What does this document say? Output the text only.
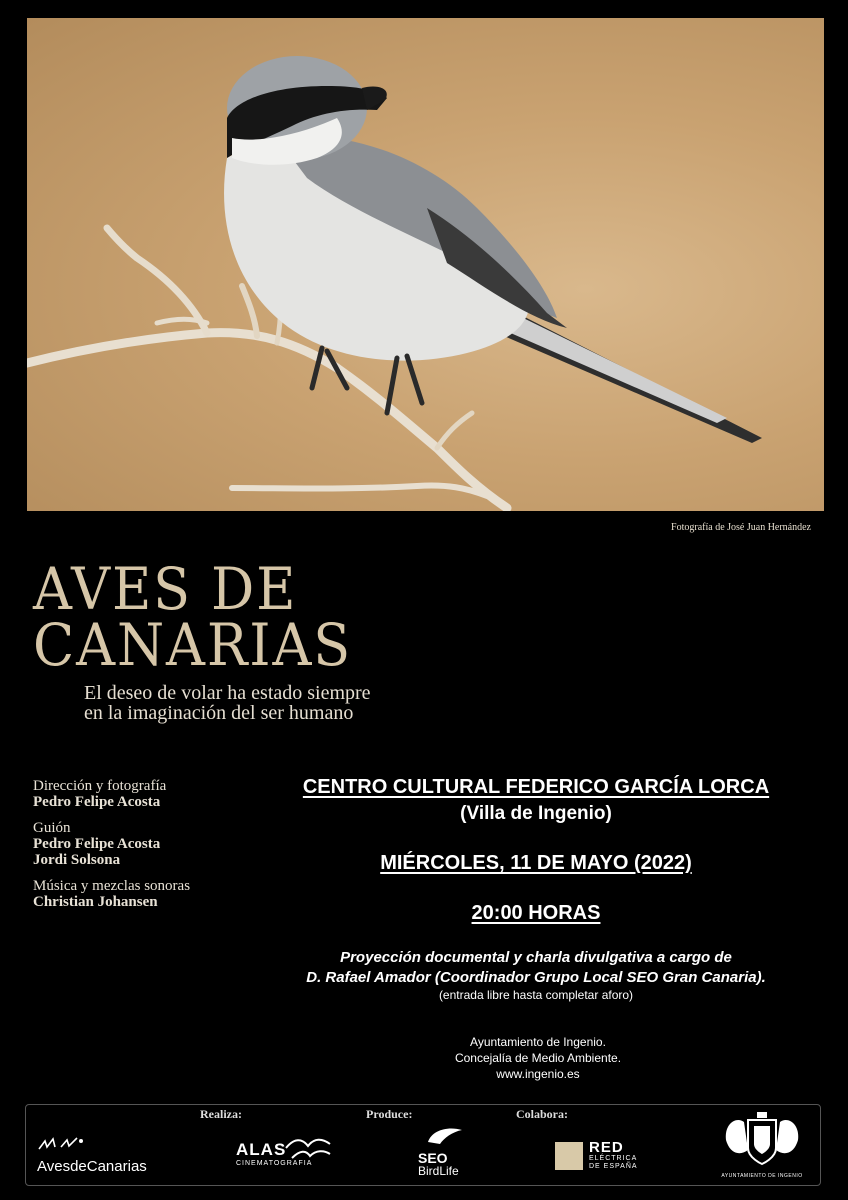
Fotografía de José Juan Hernández
AVES DE
CANARIAS
El deseo de volar ha estado siempre
en la imaginación del ser humano
Dirección y fotografía
Pedro Felipe Acosta
Guión
Pedro Felipe Acosta
Jordi Solsona
Música y mezclas sonoras
Christian Johansen
CENTRO CULTURAL FEDERICO GARCÍA LORCA
(Villa de Ingenio)
MIÉRCOLES, 11 DE MAYO (2022)
20:00 HORAS
Proyección documental y charla divulgativa a cargo de
D. Rafael Amador (Coordinador Grupo Local SEO Gran Canaria).
(entrada libre hasta completar aforo)
Ayuntamiento de Ingenio.
Concejalía de Medio Ambiente.
www.ingenio.es
Realiza:	Produce:	Colabora:
AvesdeCanarias
ALAS
CINEMATOGRAFIA	SEO
BirdLife
RED
ELÉCTRICA
DE ESPAÑA
AYUNTAMIENTO DE INGENIO
